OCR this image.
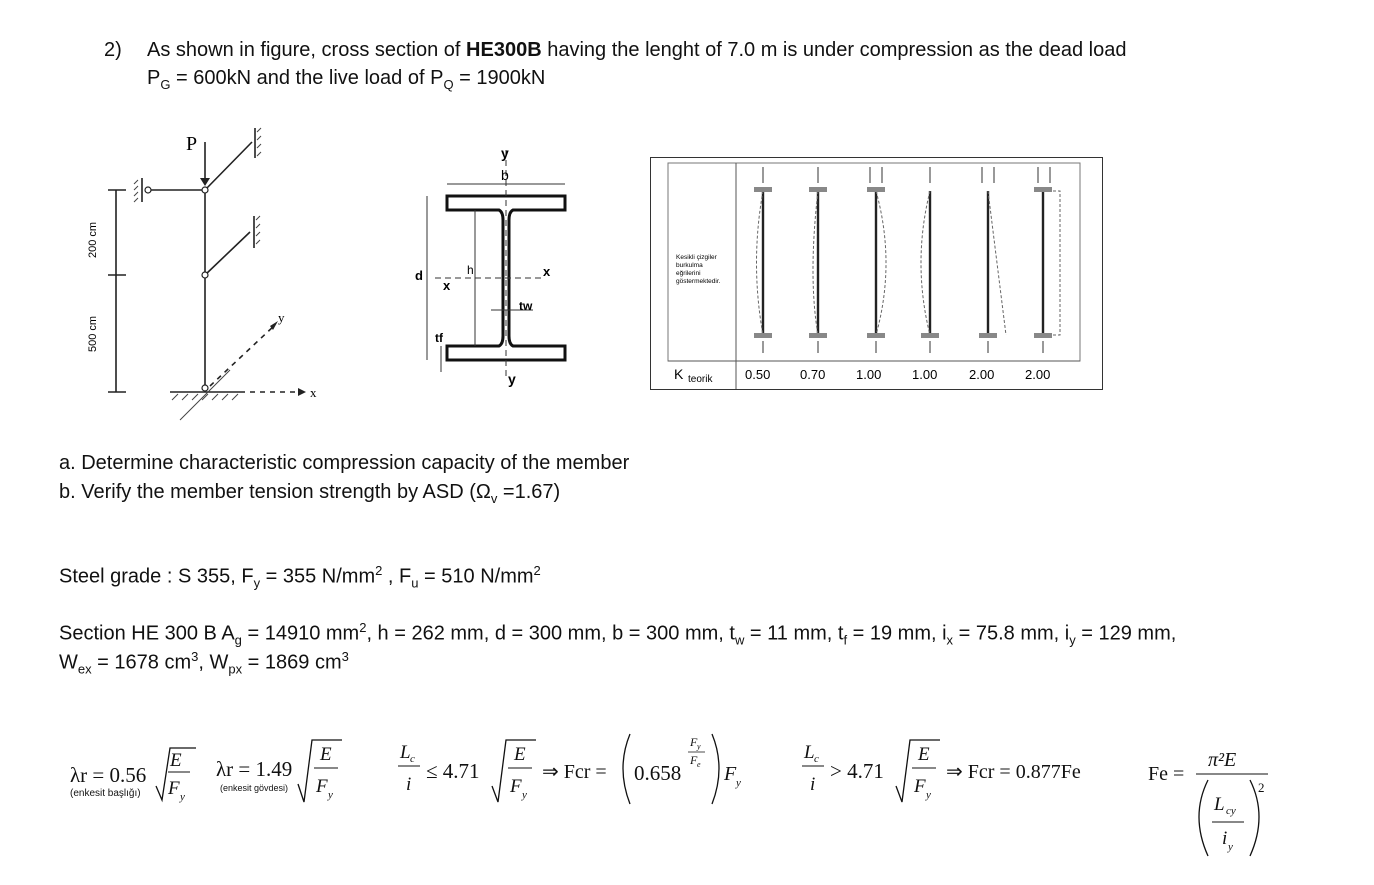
2) As shown in figure, cross section of HE300B having the lenght of 7.0 m is under compression as the dead load
$P_G = 600kN$ and the live load of $P_Q = 1900kN$
P
x
y
200 cm
500 cm
y
b
d	h
x
x
tw
tf
y
Kesikli çizgiler
burkulma
eğrilerini
göstermektedir.
K teorik	0.50 0.70 1.00 1.00 2.00 2.00
a. Determine characteristic compression capacity of the member
b. Verify the member tension strength by ASD $(\Omega_v =1.67)$
Steel grade : S 355, $F_y = 355$ $N/mm^2$ , $F_u = 510$ $N/mm^2$
Section HE 300 B $A_g = 14910$ $mm^2$, h = 262 mm, d = 300 mm, b = 300 mm, $t_w = 11$ mm, $t_f = 19$ mm, $i_x = 75.8$ mm, $i_y = 129$ mm,
$W_{ex} = 1678$ $cm^3$, $W_{px} = 1869$ $cm^3$
λr = 0.56
(enkesit başlığı)
E
F y
λr = 1.49
(enkesit gövdesi)
E
F y
L c
i
≤ 4.71
E
F y
⇒ Fcr = 0.658
F y
F e F y
L c
i
> 4.71
E
F y
⇒ Fcr = 0.877Fe	Fe =
π²E
L cy
i y
2
